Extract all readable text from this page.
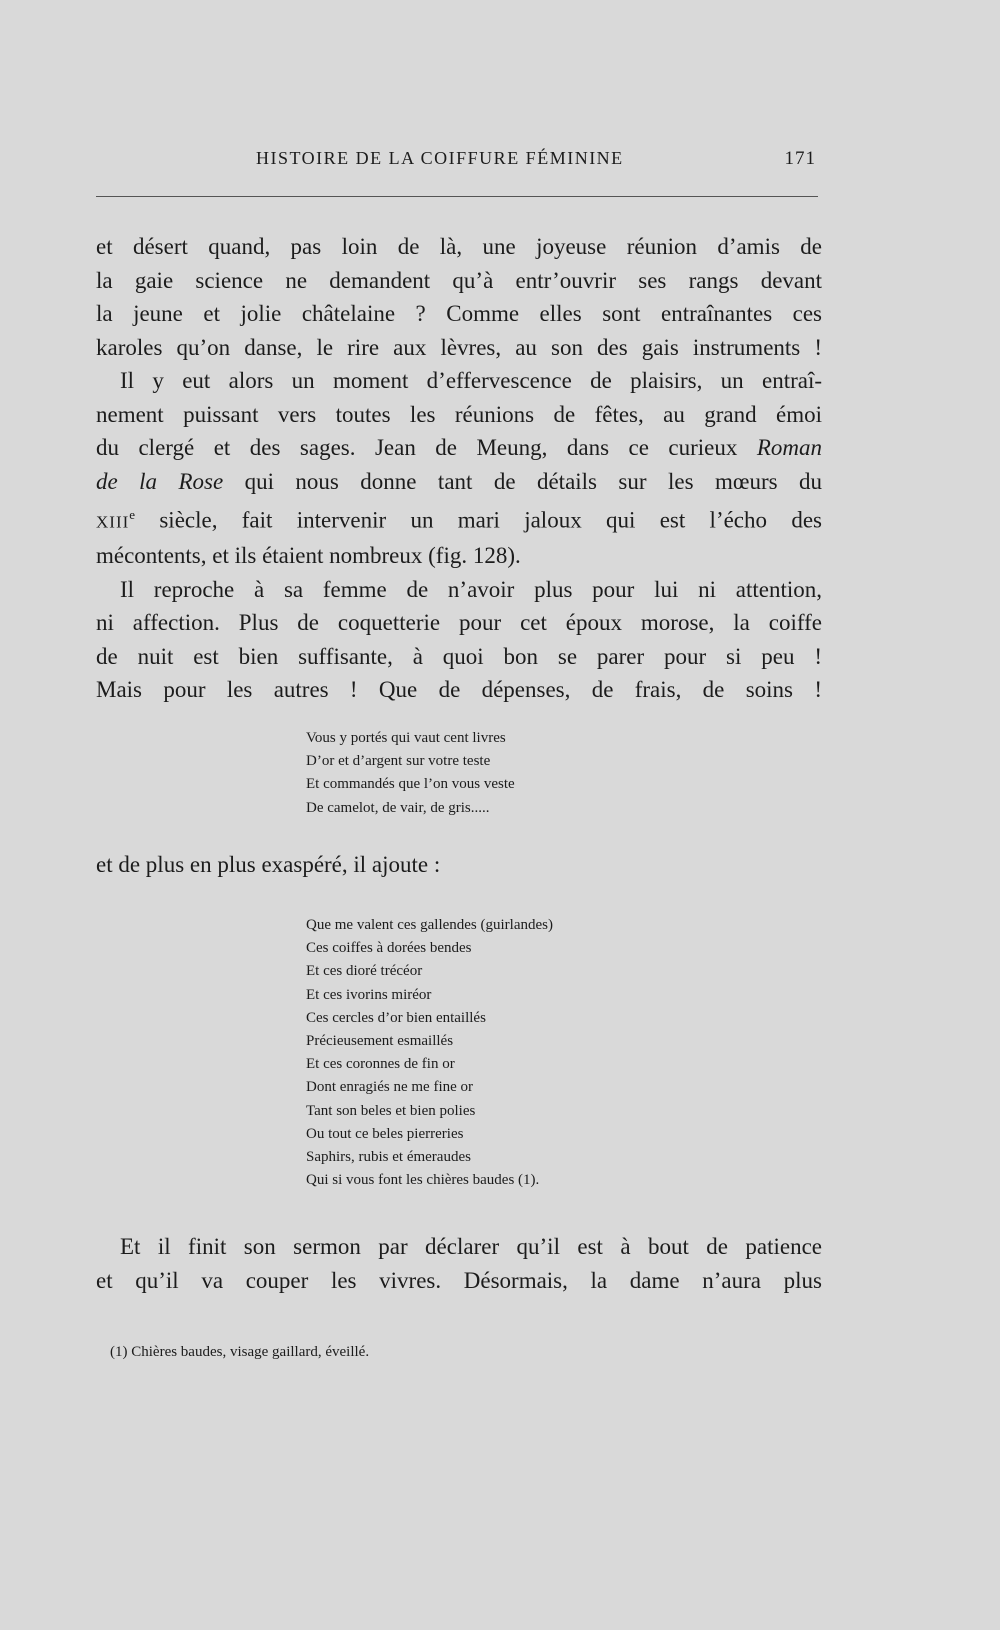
HISTOIRE DE LA COIFFURE FÉMININE	171
et désert quand, pas loin de là, une joyeuse réunion d’amis de
la gaie science ne demandent qu’à entr’ouvrir ses rangs devant
la jeune et jolie châtelaine ? Comme elles sont entraînantes ces
karoles qu’on danse, le rire aux lèvres, au son des gais instruments !
Il y eut alors un moment d’effervescence de plaisirs, un entraî-
nement puissant vers toutes les réunions de fêtes, au grand émoi
du clergé et des sages. Jean de Meung, dans ce curieux Roman
de la Rose qui nous donne tant de détails sur les mœurs du
XIIIe siècle, fait intervenir un mari jaloux qui est l’écho des
mécontents, et ils étaient nombreux (fig. 128).
Il reproche à sa femme de n’avoir plus pour lui ni attention,
ni affection. Plus de coquetterie pour cet époux morose, la coiffe
de nuit est bien suffisante, à quoi bon se parer pour si peu !
Mais pour les autres ! Que de dépenses, de frais, de soins !
Vous y portés qui vaut cent livres
D’or et d’argent sur votre teste
Et commandés que l’on vous veste
De camelot, de vair, de gris.....
et de plus en plus exaspéré, il ajoute :
Que me valent ces gallendes (guirlandes)
Ces coiffes à dorées bendes
Et ces dioré trécéor
Et ces ivorins miréor
Ces cercles d’or bien entaillés
Précieusement esmaillés
Et ces coronnes de fin or
Dont enragiés ne me fine or
Tant son beles et bien polies
Ou tout ce beles pierreries
Saphirs, rubis et émeraudes
Qui si vous font les chières baudes (1).
Et il finit son sermon par déclarer qu’il est à bout de patience
et qu’il va couper les vivres. Désormais, la dame n’aura plus
(1) Chières baudes, visage gaillard, éveillé.
